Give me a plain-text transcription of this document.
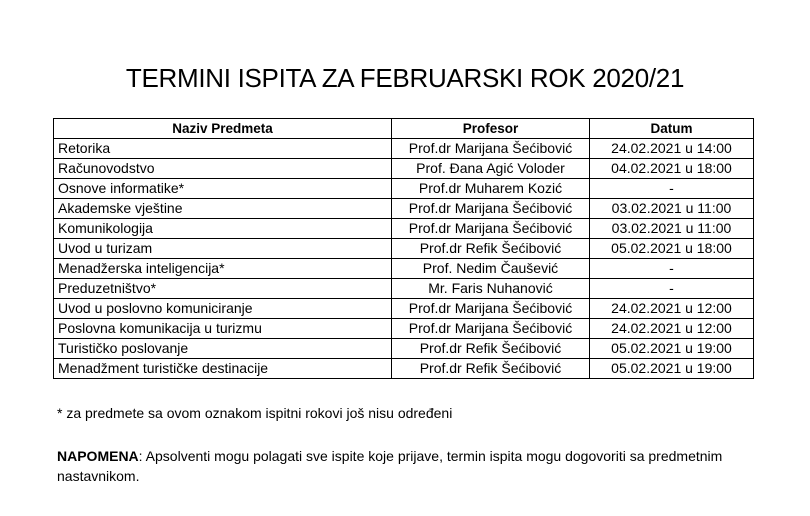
TERMINI ISPITA ZA FEBRUARSKI ROK 2020/21
Naziv Predmeta	Profesor	Datum
Retorika	Prof.dr Marijana Šećibović	24.02.2021 u 14:00
Računovodstvo	Prof. Đana Agić Voloder	04.02.2021 u 18:00
Osnove informatike*	Prof.dr Muharem Kozić	-
Akademske vještine	Prof.dr Marijana Šećibović	03.02.2021 u 11:00
Komunikologija	Prof.dr Marijana Šećibović	03.02.2021 u 11:00
Uvod u turizam	Prof.dr Refik Šećibović	05.02.2021 u 18:00
Menadžerska inteligencija*	Prof. Nedim Čaušević	-
Preduzetništvo*	Mr. Faris Nuhanović	-
Uvod u poslovno komuniciranje	Prof.dr Marijana Šećibović	24.02.2021 u 12:00
Poslovna komunikacija u turizmu	Prof.dr Marijana Šećibović	24.02.2021 u 12:00
Turističko poslovanje	Prof.dr Refik Šećibović	05.02.2021 u 19:00
Menadžment turističke destinacije	Prof.dr Refik Šećibović	05.02.2021 u 19:00
* za predmete sa ovom oznakom ispitni rokovi još nisu određeni
NAPOMENA: Apsolventi mogu polagati sve ispite koje prijave, termin ispita mogu dogovoriti sa predmetnim nastavnikom.
